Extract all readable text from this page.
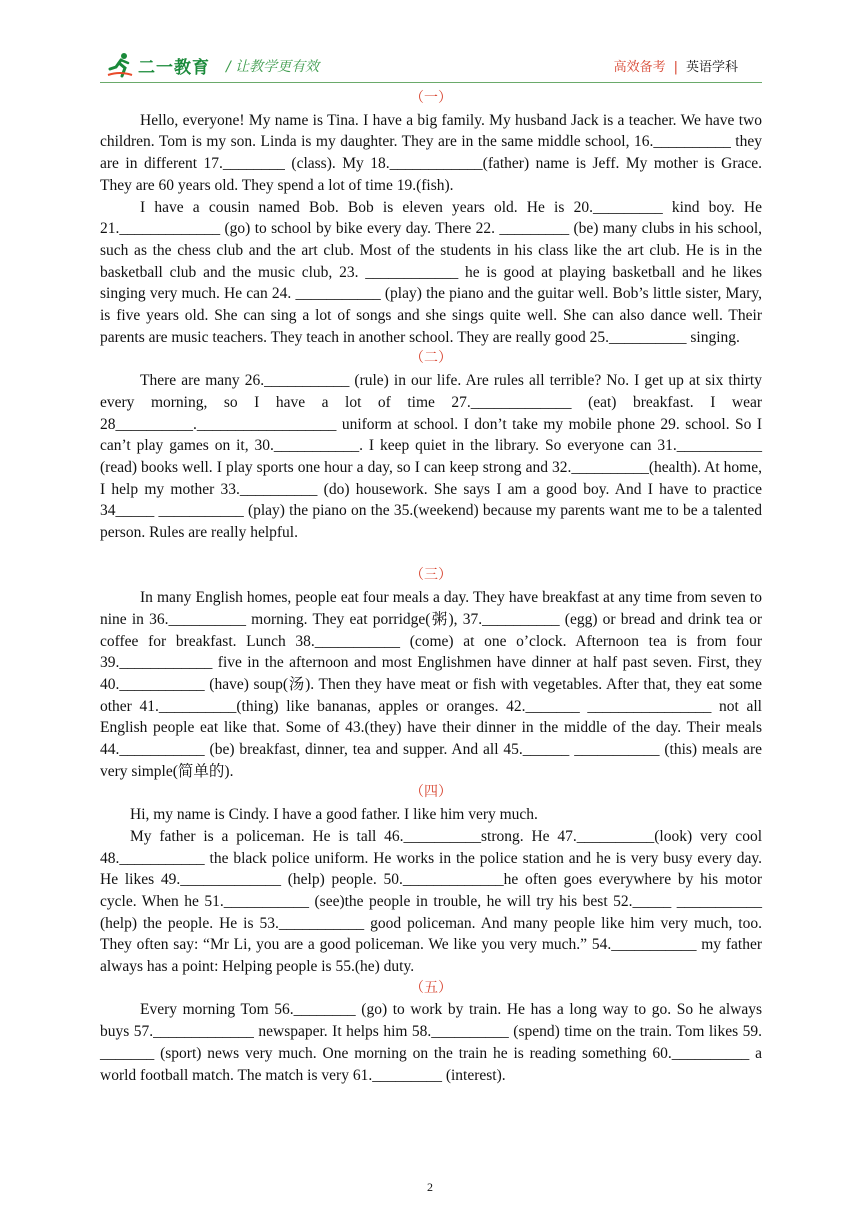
二一教育 / 让教学更有效	高效备考 | 英语学科
（一）

Hello, everyone! My name is Tina. I have a big family. My husband Jack is a teacher. We have two children. Tom is my son. Linda is my daughter. They are in the same middle school, 16.__________ they are in different 17.________ (class). My 18.____________(father) name is Jeff. My mother is Grace. They are 60 years old. They spend a lot of time 19.(fish).

I have a cousin named Bob. Bob is eleven years old. He is 20._________ kind boy. He 21._____________ (go) to school by bike every day. There 22. _________ (be) many clubs in his school, such as the chess club and the art club. Most of the students in his class like the art club. He is in the basketball club and the music club, 23. ____________ he is good at playing basketball and he likes singing very much. He can 24. ___________ (play) the piano and the guitar well. Bob’s little sister, Mary, is five years old. She can sing a lot of songs and she sings quite well. She can also dance well. Their parents are music teachers. They teach in another school. They are really good 25.__________ singing.

（二）

There are many 26.___________ (rule) in our life. Are rules all terrible? No. I get up at six thirty every morning, so I have a lot of time 27._____________ (eat) breakfast. I wear 28__________.__________________ uniform at school. I don’t take my mobile phone 29. school. So I can’t play games on it, 30.___________. I keep quiet in the library. So everyone can 31.___________ (read) books well. I play sports one hour a day, so I can keep strong and 32.__________(health). At home, I help my mother 33.__________ (do) housework. She says I am a good boy. And I have to practice 34_____ ___________ (play) the piano on the 35.(weekend) because my parents want me to be a talented person. Rules are really helpful.

（三）

In many English homes, people eat four meals a day. They have breakfast at any time from seven to nine in 36.__________ morning. They eat porridge(粥), 37.__________ (egg) or bread and drink tea or coffee for breakfast. Lunch 38.___________ (come) at one o’clock. Afternoon tea is from four 39.____________ five in the afternoon and most Englishmen have dinner at half past seven. First, they 40.___________ (have) soup(汤). Then they have meat or fish with vegetables. After that, they eat some other 41.__________(thing) like bananas, apples or oranges. 42._______ ________________ not all English people eat like that. Some of 43.(they) have their dinner in the middle of the day. Their meals 44.___________ (be) breakfast, dinner, tea and supper. And all 45.______ ___________ (this) meals are very simple(简单的).

（四）

Hi, my name is Cindy. I have a good father. I like him very much.

My father is a policeman. He is tall 46.__________strong. He 47.__________(look) very cool 48.___________ the black police uniform. He works in the police station and he is very busy every day. He likes 49._____________ (help) people. 50._____________he often goes everywhere by his motor cycle. When he 51.___________ (see)the people in trouble, he will try his best 52._____ ___________ (help) the people. He is 53.___________ good policeman. And many people like him very much, too. They often say: “Mr Li, you are a good policeman. We like you very much.” 54.___________ my father always has a point: Helping people is 55.(he) duty.

（五）

Every morning Tom 56.________ (go) to work by train. He has a long way to go. So he always buys 57._____________ newspaper. It helps him 58.__________ (spend) time on the train. Tom likes 59. _______ (sport) news very much. One morning on the train he is reading something 60.__________ a world football match. The match is very 61._________ (interest).

2
